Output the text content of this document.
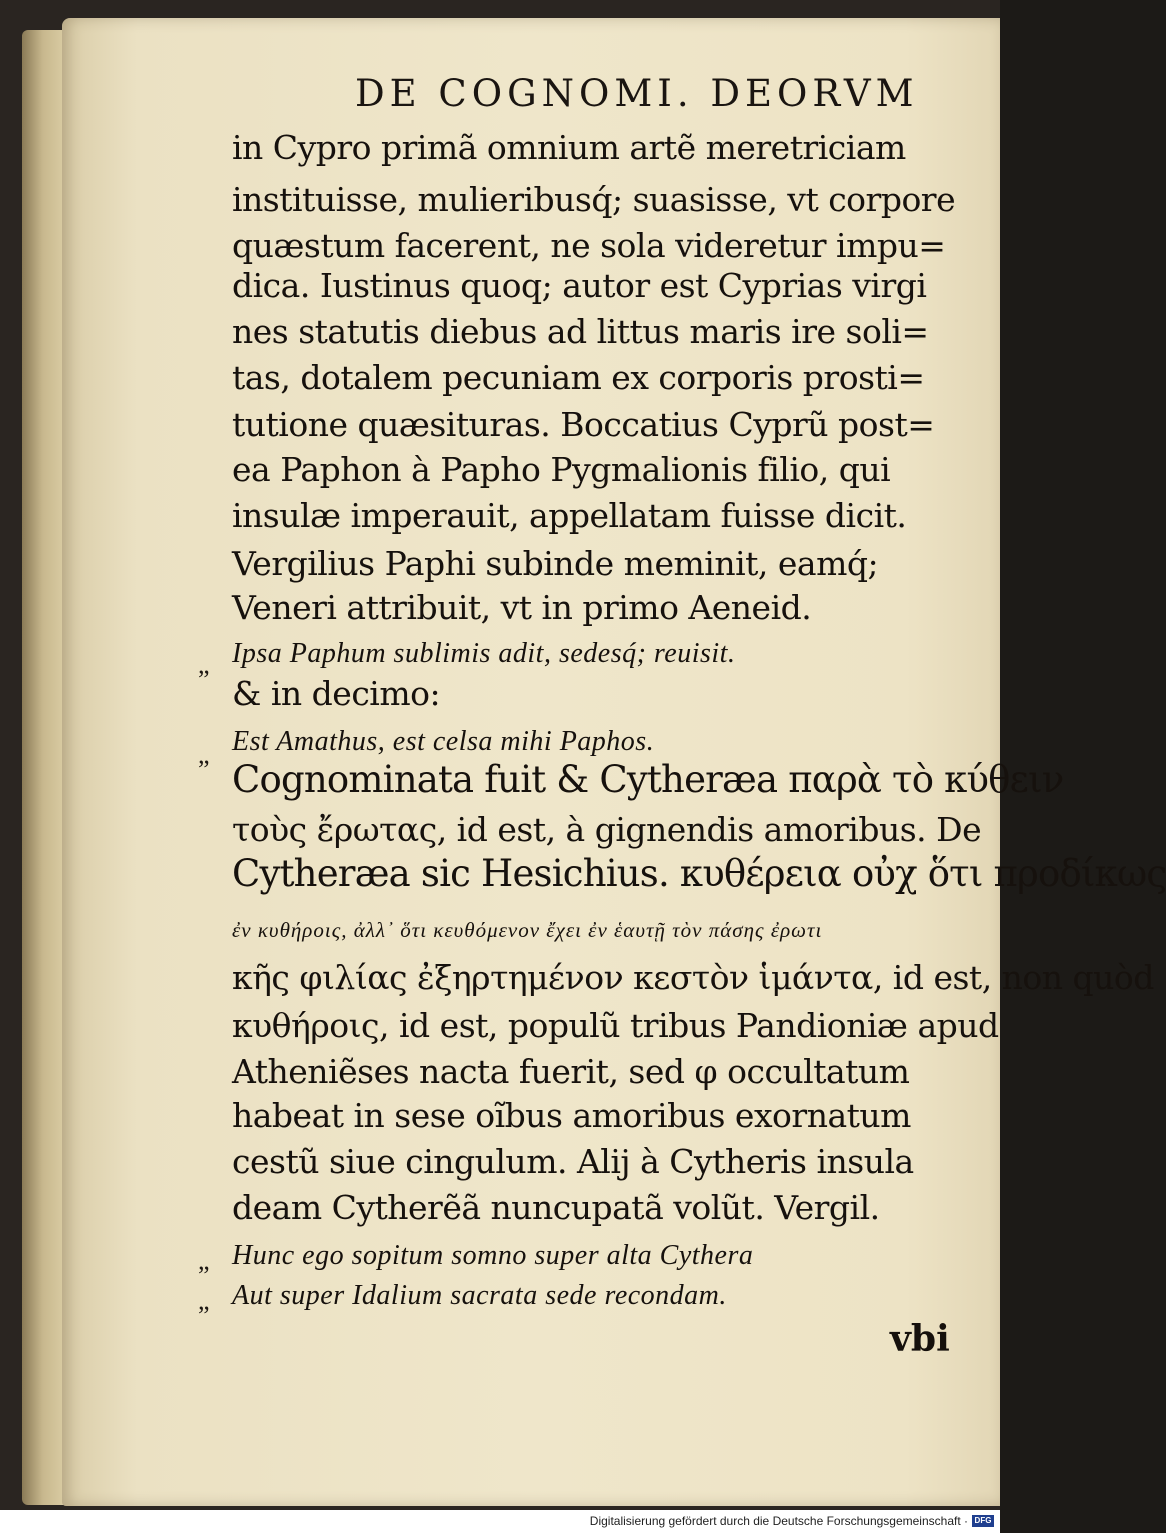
DE COGNOMI. DEORVM
in Cypro primã omnium artẽ meretriciam
instituisse, mulieribusq́; suasisse, vt corpore
quæstum facerent, ne sola videretur impu=
dica. Iustinus quoq; autor est Cyprias virgi
nes statutis diebus ad littus maris ire soli=
tas, dotalem pecuniam ex corporis prosti=
tutione quæsituras. Boccatius Cyprũ post=
ea Paphon à Papho Pygmalionis filio, qui
insulæ imperauit, appellatam fuisse dicit.
Vergilius Paphi subinde meminit, eamq́;
Veneri attribuit, vt in primo Aeneid.
„ Ipsa Paphum sublimis adit, sedesq́; reuisit.
& in decimo:
„ Est Amathus, est celsa mihi Paphos.
Cognominata fuit & Cytheræa παρὰ τὸ κύθειν
τοὺς ἔρωτας, id est, à gignendis amoribus. De
Cytheræa sic Hesichius. κυθέρεια οὐχ ὅτι προδίκως
ἐν κυθήροις, ἀλλ᾽ ὅτι κευθόμενον ἔχει ἐν ἑαυτῇ τὸν πάσης ἐρωτι
κῆς φιλίας ἐξηρτημένον κεστὸν ἱμάντα, id est, non quòd
κυθήροις, id est, populũ tribus Pandioniæ apud
Atheniẽses nacta fuerit, sed φ occultatum
habeat in sese oĩbus amoribus exornatum
cestũ siue cingulum. Alij à Cytheris insula
deam Cytherẽã nuncupatã volũt. Vergil.
„ Hunc ego sopitum somno super alta Cythera
„ Aut super Idalium sacrata sede recondam.
vbi
Digitalisierung gefördert durch die Deutsche Forschungsgemeinschaft · DFG
